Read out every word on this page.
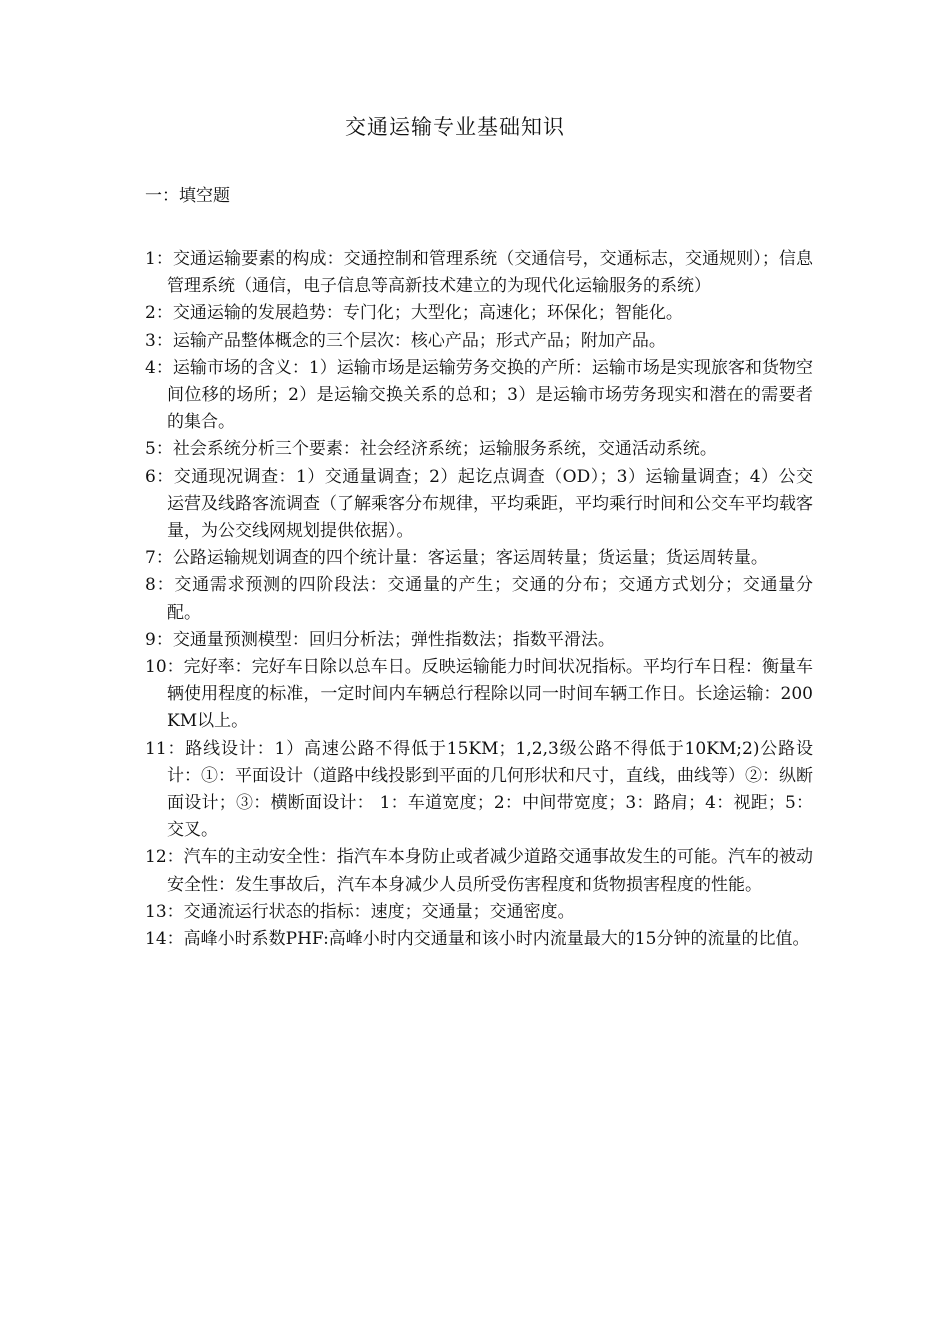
交通运输专业基础知识
一：填空题
1：交通运输要素的构成：交通控制和管理系统（交通信号，交通标志，交通规则）；信息管理系统（通信，电子信息等高新技术建立的为现代化运输服务的系统）
2：交通运输的发展趋势：专门化；大型化；高速化；环保化；智能化。
3：运输产品整体概念的三个层次：核心产品；形式产品；附加产品。
4：运输市场的含义：1）运输市场是运输劳务交换的产所：运输市场是实现旅客和货物空间位移的场所；2）是运输交换关系的总和；3）是运输市场劳务现实和潜在的需要者的集合。
5：社会系统分析三个要素：社会经济系统；运输服务系统，交通活动系统。
6：交通现况调查：1）交通量调查；2）起讫点调查（OD）；3）运输量调查；4）公交运营及线路客流调查（了解乘客分布规律，平均乘距，平均乘行时间和公交车平均载客量，为公交线网规划提供依据）。
7：公路运输规划调查的四个统计量：客运量；客运周转量；货运量；货运周转量。
8：交通需求预测的四阶段法：交通量的产生；交通的分布；交通方式划分；交通量分配。
9：交通量预测模型：回归分析法；弹性指数法；指数平滑法。
10：完好率：完好车日除以总车日。反映运输能力时间状况指标。平均行车日程：衡量车辆使用程度的标准，一定时间内车辆总行程除以同一时间车辆工作日。长途运输：200KM以上。
11：路线设计：1）高速公路不得低于15KM；1,2,3级公路不得低于10KM;2)公路设计：①：平面设计（道路中线投影到平面的几何形状和尺寸，直线，曲线等）②：纵断面设计；③：横断面设计： 1：车道宽度；2：中间带宽度；3：路肩；4：视距；5：交叉。
12：汽车的主动安全性：指汽车本身防止或者减少道路交通事故发生的可能。汽车的被动安全性：发生事故后，汽车本身减少人员所受伤害程度和货物损害程度的性能。
13：交通流运行状态的指标：速度；交通量；交通密度。
14：高峰小时系数PHF:高峰小时内交通量和该小时内流量最大的15分钟的流量的比值。
